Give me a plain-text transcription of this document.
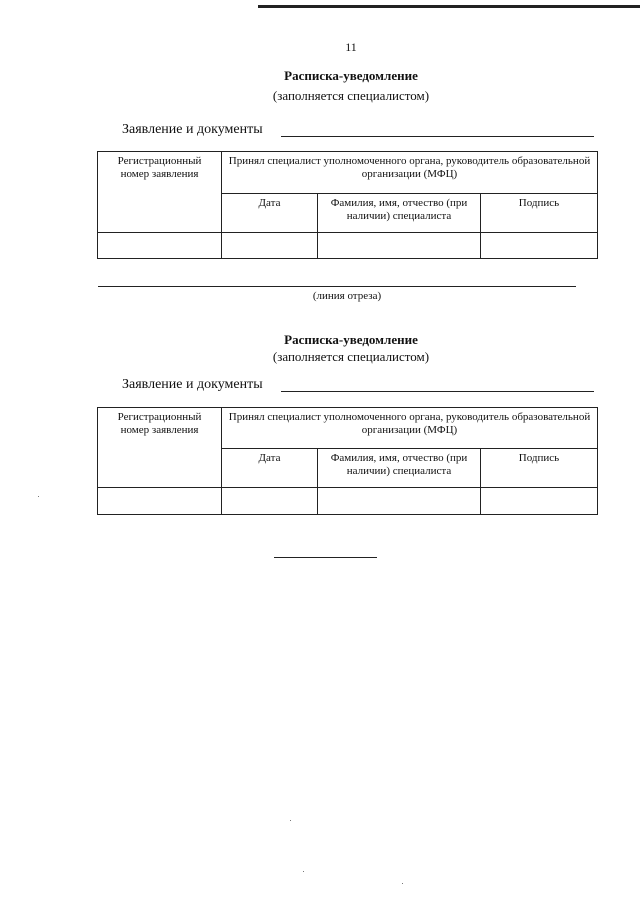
11
Расписка-уведомление
(заполняется специалистом)
Заявление и документы
Регистрационный номер заявления	Принял специалист уполномоченного органа, руководитель образовательной организации (МФЦ)		
	Дата	Фамилия, имя, отчество (при наличии) специалиста	Подпись

(линия отреза)
Расписка-уведомление
(заполняется специалистом)
Заявление и документы
Регистрационный номер заявления	Принял специалист уполномоченного органа, руководитель образовательной организации (МФЦ)		
	Дата	Фамилия, имя, отчество (при наличии) специалиста	Подпись
